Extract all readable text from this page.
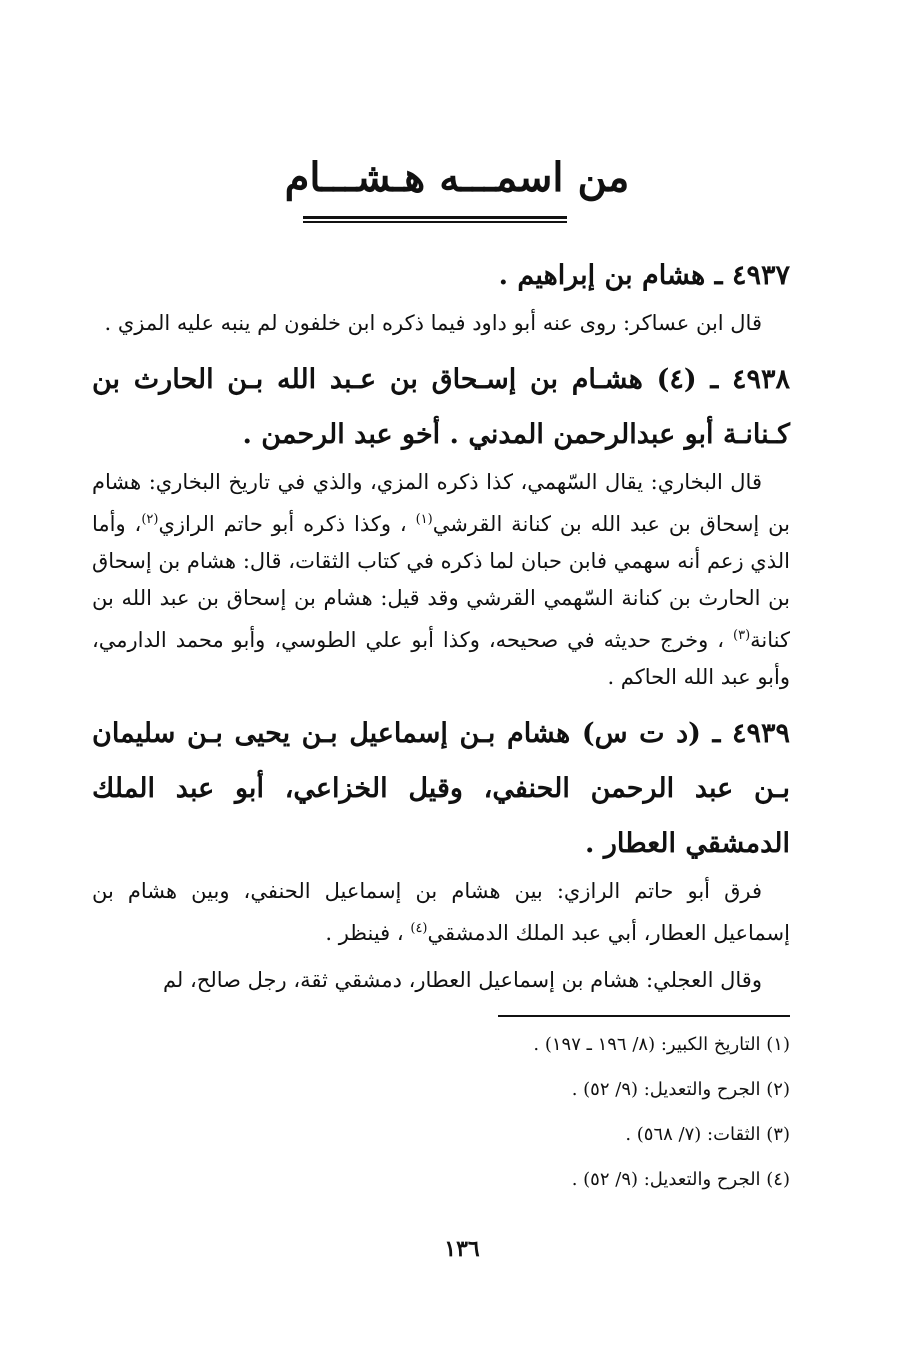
من اسمـــه هـشـــام

٤٩٣٧ ـ هشام بن إبراهيم .

قال ابن عساكر: روى عنه أبو داود فيما ذكره ابن خلفون لم ينبه عليه المزي .

٤٩٣٨ ـ (٤) هشـام بن إسـحاق بن عـبد الله بـن الحارث بن كـنانـة أبو عبدالرحمن المدني . أخو عبد الرحمن .

قال البخاري: يقال السّهمي، كذا ذكره المزي، والذي في تاريخ البخاري: هشام بن إسحاق بن عبد الله بن كنانة القرشي$^{(١)}$ ، وكذا ذكره أبو حاتم الرازي$^{(٢)}$، وأما الذي زعم أنه سهمي فابن حبان لما ذكره في كتاب الثقات، قال: هشام بن إسحاق بن الحارث بن كنانة السّهمي القرشي وقد قيل: هشام بن إسحاق بن عبد الله بن كنانة$^{(٣)}$ ، وخرج حديثه في صحيحه، وكذا أبو علي الطوسي، وأبو محمد الدارمي، وأبو عبد الله الحاكم .

٤٩٣٩ ـ (د ت س) هشام بـن إسماعيل بـن يحيى بـن سليمان بـن عبد الرحمن الحنفي، وقيل الخزاعي، أبو عبد الملك الدمشقي العطار .

فرق أبو حاتم الرازي: بين هشام بن إسماعيل الحنفي، وبين هشام بن إسماعيل العطار، أبي عبد الملك الدمشقي$^{(٤)}$ ، فينظر .

وقال العجلي: هشام بن إسماعيل العطار، دمشقي ثقة، رجل صالح، لم

(١) التاريخ الكبير: (٨/ ١٩٦ ـ ١٩٧) .

(٢) الجرح والتعديل: (٩/ ٥٢) .

(٣) الثقات: (٧/ ٥٦٨) .

(٤) الجرح والتعديل: (٩/ ٥٢) .

١٣٦
